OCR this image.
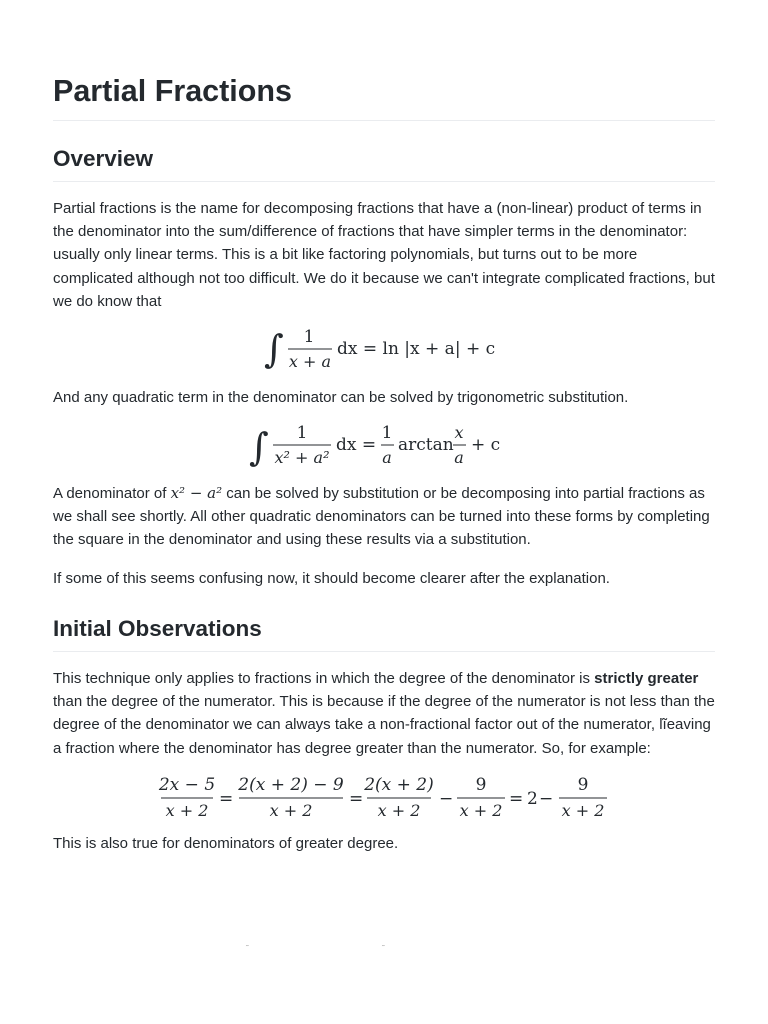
Partial Fractions
Overview

Partial fractions is the name for decomposing fractions that have a (non-linear) product of terms in the denominator into the sum/difference of fractions that have simpler terms in the denominator: usually only linear terms. This is a bit like factoring polynomials, but turns out to be more complicated although not too difficult. We do it because we can't integrate complicated fractions, but we do know that

∫ 1
x + a
dx = ln |x + a| + c

And any quadratic term in the denominator can be solved by trigonometric substitution.

∫ 1
x² + a²
dx =
1
a
arctan
x
a
+ c

A denominator of x² − a² can be solved by substitution or be decomposing into partial fractions as we shall see shortly. All other quadratic denominators can be turned into these forms by completing the square in the denominator and using these results via a substitution.

If some of this seems confusing now, it should become clearer after the explanation.

Initial Observations

This technique only applies to fractions in which the degree of the denominator is strictly greater than the degree of the numerator. This is because if the degree of the numerator is not less than the degree of the denominator we can always take a non-fractional factor out of the numerator, lĩeaving a fraction where the denominator has degree greater than the numerator. So, for example:

2x − 5
x + 2
=
2(x + 2) − 9
x + 2
=
2(x + 2)
x + 2
−
9
x + 2
= 2 −
9
x + 2

This is also true for denominators of greater degree.

˜	˜
